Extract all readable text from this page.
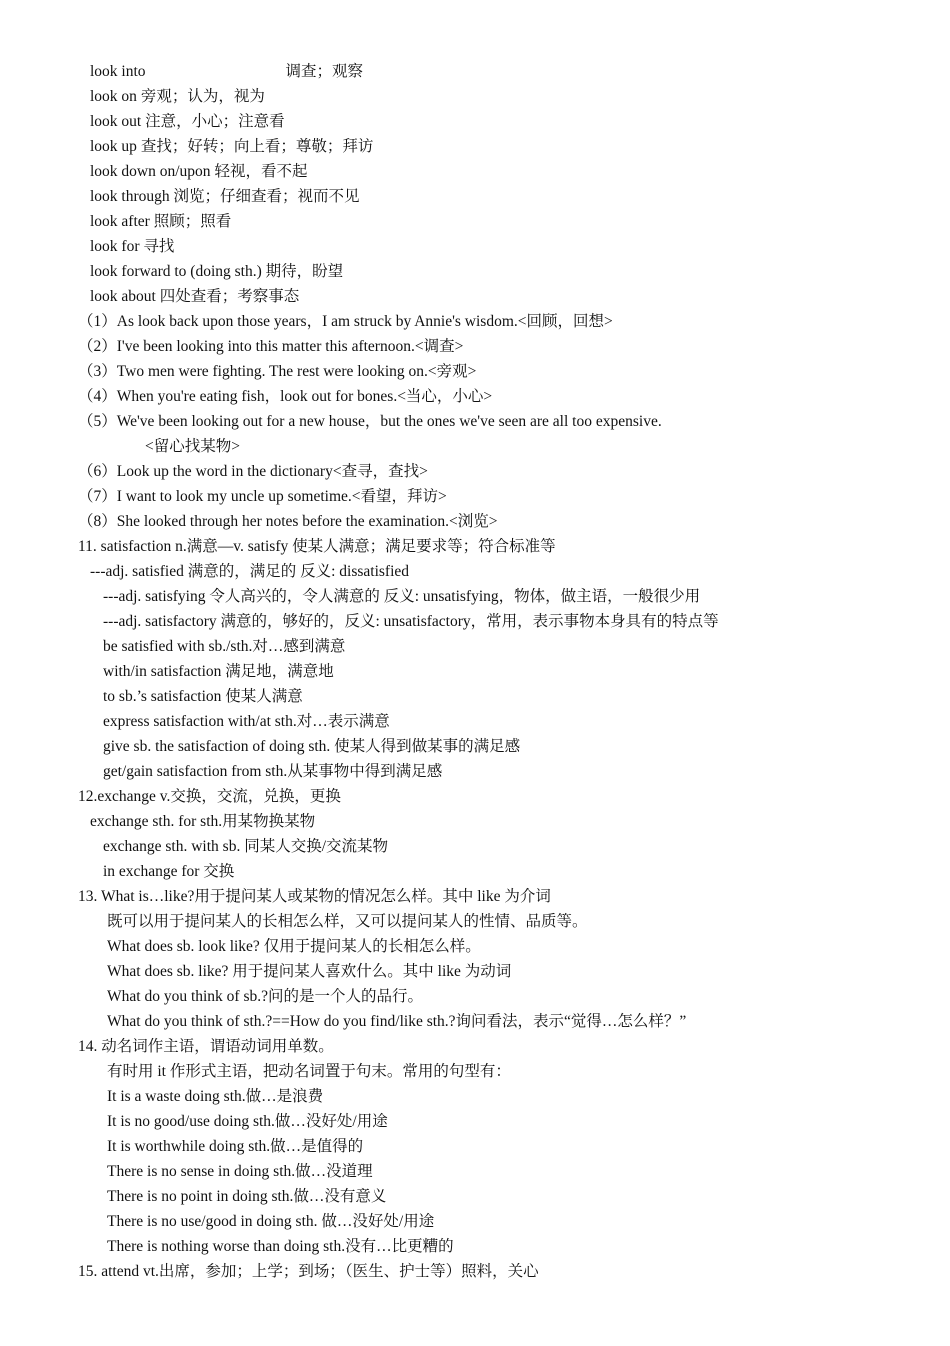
look into	调查；观察
look on 旁观；认为，视为
look out 注意，小心；注意看
look up 查找；好转；向上看；尊敬；拜访
look down on/upon 轻视，看不起
look through 浏览；仔细查看；视而不见
look after 照顾；照看
look for 寻找
look forward to (doing sth.) 期待，盼望
look about 四处查看；考察事态
（1）As look back upon those years，I am struck by Annie's wisdom.<回顾，回想>
（2）I've been looking into this matter this afternoon.<调查>
（3）Two men were fighting. The rest were looking on.<旁观>
（4）When you're eating fish，look out for bones.<当心，小心>
（5）We've been looking out for a new house，but the ones we've seen are all too expensive.
<留心找某物>
（6）Look up the word in the dictionary<查寻，查找>
（7）I want to look my uncle up sometime.<看望，拜访>
（8）She looked through her notes before the examination.<浏览>
11. satisfaction n.满意—v. satisfy 使某人满意；满足要求等；符合标准等
---adj. satisfied 满意的，满足的 反义: dissatisfied
---adj. satisfying 令人高兴的，令人满意的 反义: unsatisfying，物体，做主语，一般很少用
---adj. satisfactory 满意的，够好的，反义: unsatisfactory，常用，表示事物本身具有的特点等
be satisfied with sb./sth.对…感到满意
with/in satisfaction 满足地，满意地
to sb.’s satisfaction 使某人满意
express satisfaction with/at sth.对…表示满意
give sb. the satisfaction of doing sth. 使某人得到做某事的满足感
get/gain satisfaction from sth.从某事物中得到满足感
12.exchange v.交换，交流，兑换，更换
exchange sth. for sth.用某物换某物
exchange sth. with sb. 同某人交换/交流某物
in exchange for 交换
13. What is…like?用于提问某人或某物的情况怎么样。其中 like 为介词
既可以用于提问某人的长相怎么样，又可以提问某人的性情、品质等。
What does sb. look like? 仅用于提问某人的长相怎么样。
What does sb. like? 用于提问某人喜欢什么。其中 like 为动词
What do you think of sb.?问的是一个人的品行。
What do you think of sth.?==How do you find/like sth.?询问看法，表示“觉得…怎么样？”
14. 动名词作主语，谓语动词用单数。
有时用 it 作形式主语，把动名词置于句末。常用的句型有：
It is a waste doing sth.做…是浪费
It is no good/use doing sth.做…没好处/用途
It is worthwhile doing sth.做…是值得的
There is no sense in doing sth.做…没道理
There is no point in doing sth.做…没有意义
There is no use/good in doing sth. 做…没好处/用途
There is nothing worse than doing sth.没有…比更糟的
15. attend vt.出席，参加；上学；到场；（医生、护士等）照料，关心
